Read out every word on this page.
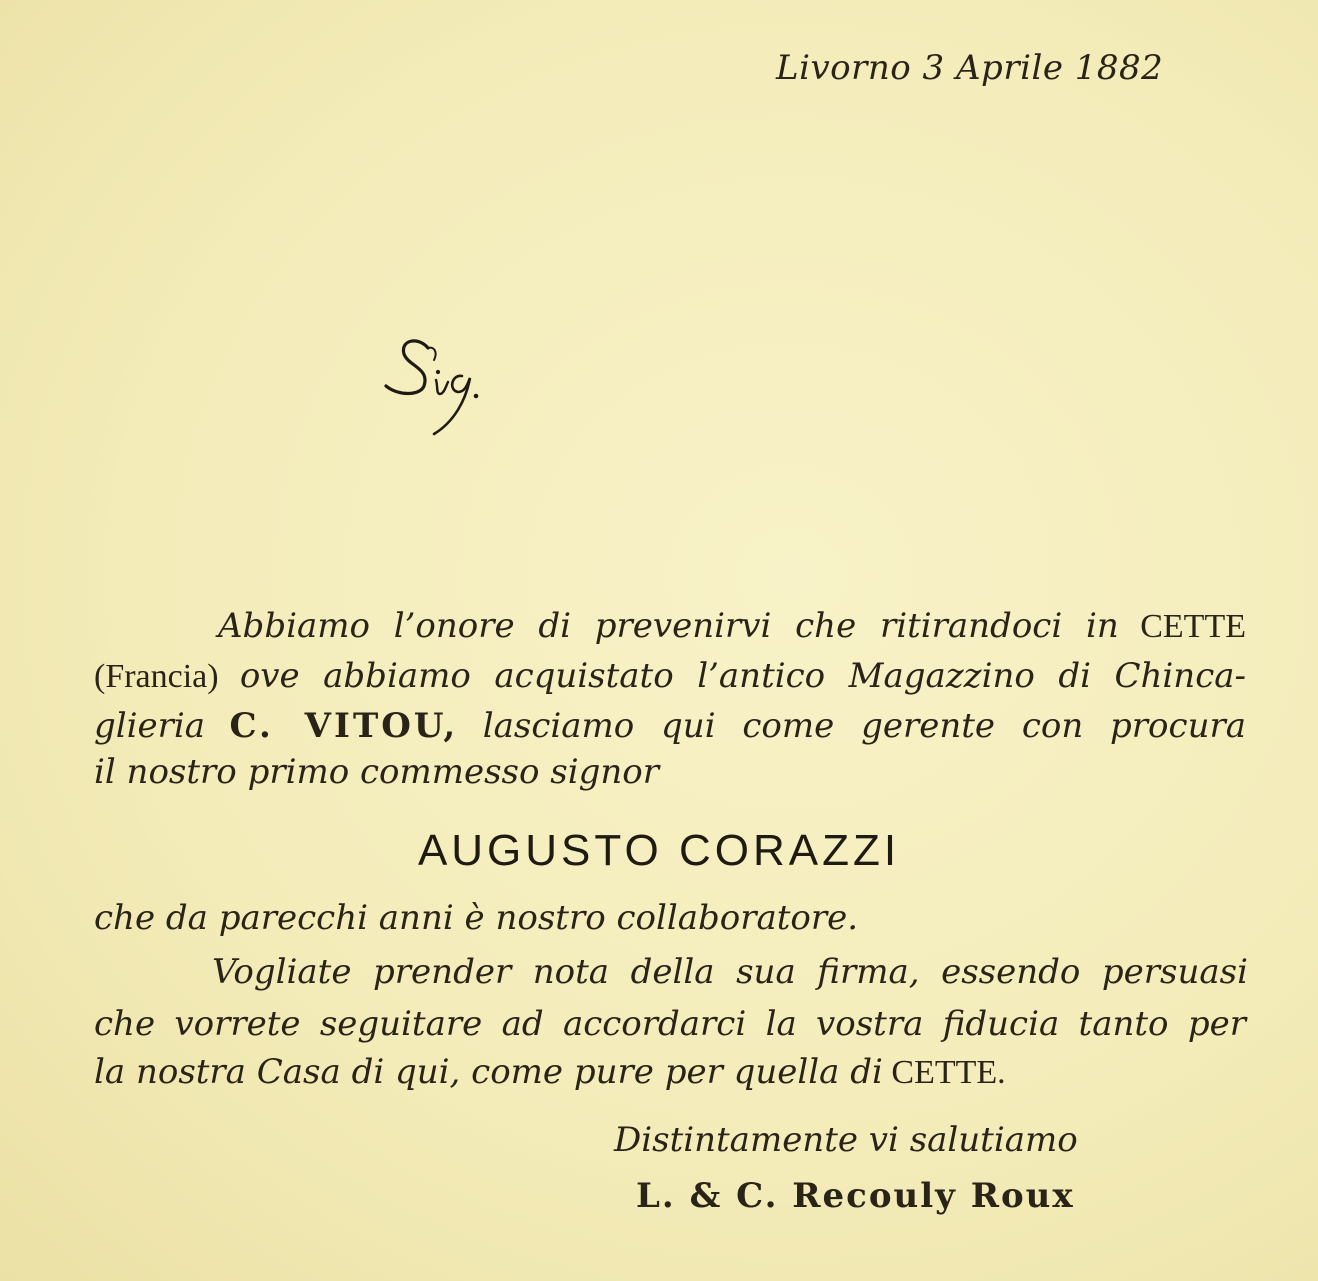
Livorno 3 Aprile 1882
Abbiamo l’onore di prevenirvi che ritirandoci in CETTE
(Francia) ove abbiamo acquistato l’antico Magazzino di Chinca-
glieria C. VITOU, lasciamo qui come gerente con procura
il nostro primo commesso signor
AUGUSTO CORAZZI
che da parecchi anni è nostro collaboratore.
Vogliate prender nota della sua firma, essendo persuasi
che vorrete seguitare ad accordarci la vostra fiducia tanto per
la nostra Casa di qui, come pure per quella di CETTE.
Distintamente vi salutiamo
L. & C. Recouly Roux
